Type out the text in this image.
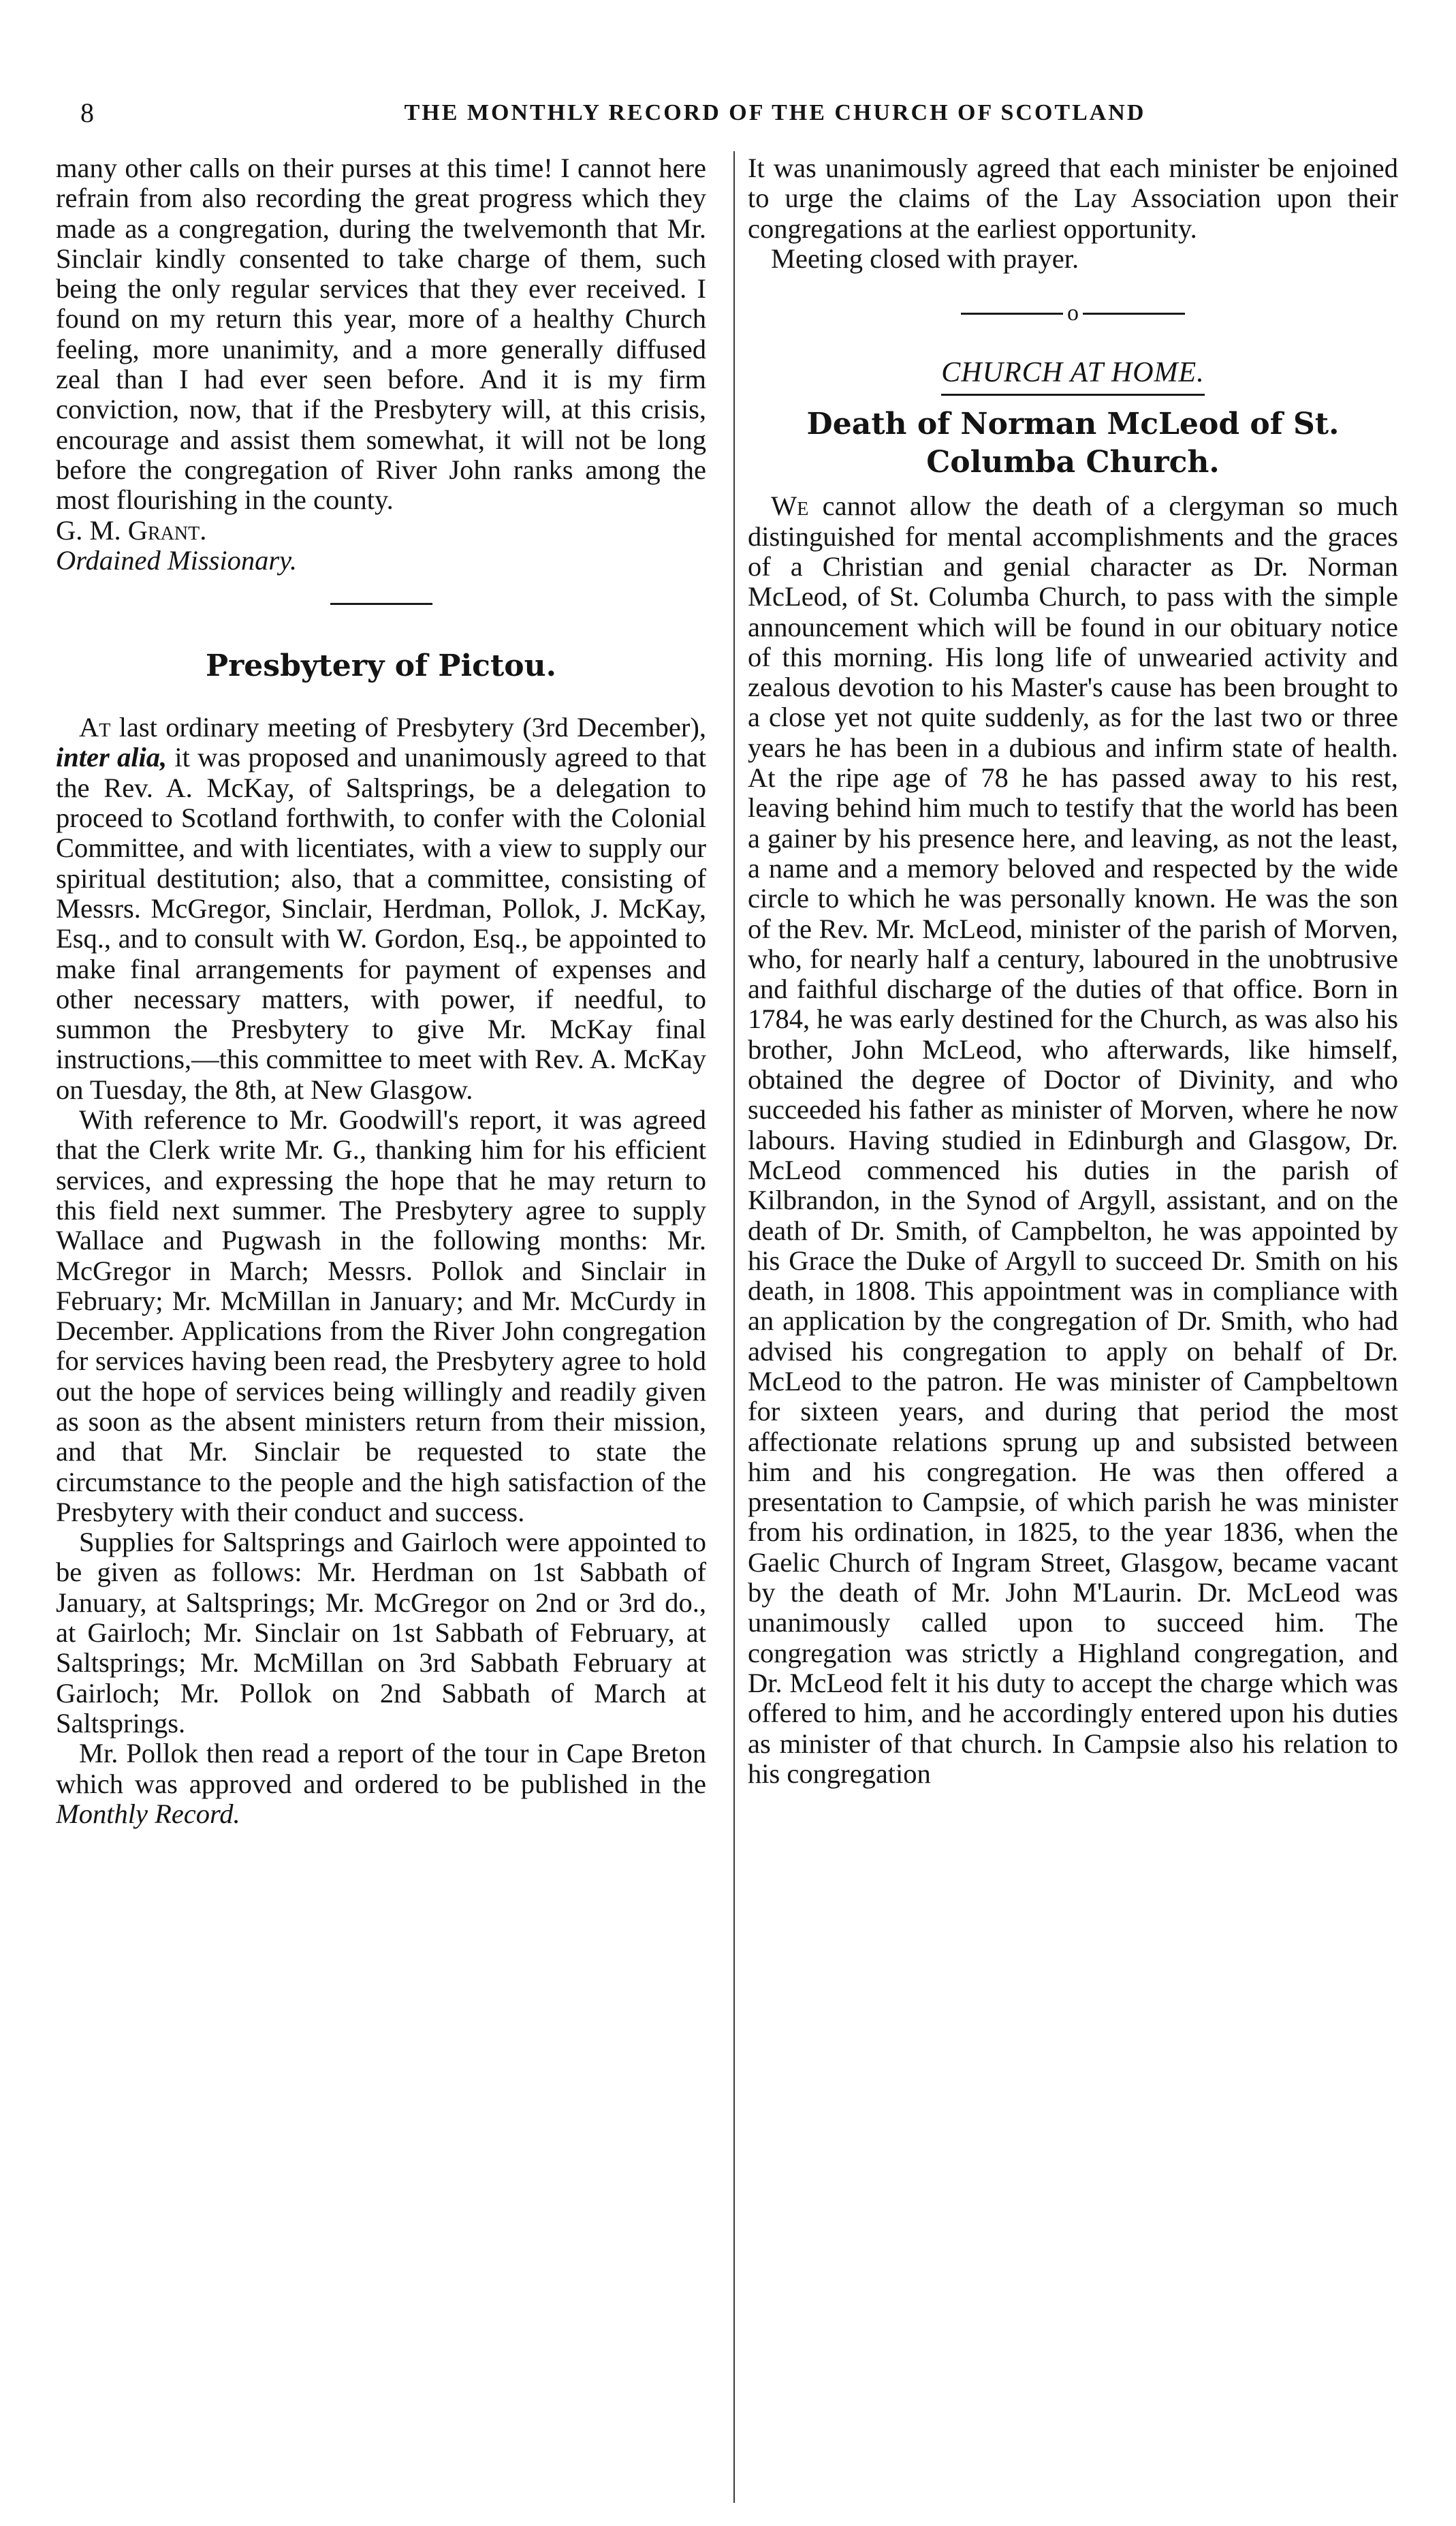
8	THE MONTHLY RECORD OF THE CHURCH OF SCOTLAND

many other calls on their purses at this time! I cannot here refrain from also recording the great progress which they made as a congregation, during the twelvemonth that Mr. Sinclair kindly consented to take charge of them, such being the only regular services that they ever received. I found on my return this year, more of a healthy Church feeling, more unanimity, and a more generally diffused zeal than I had ever seen before. And it is my firm conviction, now, that if the Presbytery will, at this crisis, encourage and assist them somewhat, it will not be long before the congregation of River John ranks among the most flourishing in the county.

G. M. Grant.

Ordained Missionary.

Presbytery of Pictou.

At last ordinary meeting of Presbytery (3rd December), inter alia, it was proposed and unanimously agreed to that the Rev. A. McKay, of Saltsprings, be a delegation to proceed to Scotland forthwith, to confer with the Colonial Committee, and with licentiates, with a view to supply our spiritual destitution; also, that a committee, consisting of Messrs. McGregor, Sinclair, Herdman, Pollok, J. McKay, Esq., and to consult with W. Gordon, Esq., be appointed to make final arrangements for payment of expenses and other necessary matters, with power, if needful, to summon the Presbytery to give Mr. McKay final instructions,—this committee to meet with Rev. A. McKay on Tuesday, the 8th, at New Glasgow.

With reference to Mr. Goodwill's report, it was agreed that the Clerk write Mr. G., thanking him for his efficient services, and expressing the hope that he may return to this field next summer. The Presbytery agree to supply Wallace and Pugwash in the following months: Mr. McGregor in March; Messrs. Pollok and Sinclair in February; Mr. McMillan in January; and Mr. McCurdy in December. Applications from the River John congregation for services having been read, the Presbytery agree to hold out the hope of services being willingly and readily given as soon as the absent ministers return from their mission, and that Mr. Sinclair be requested to state the circumstance to the people and the high satisfaction of the Presbytery with their conduct and success.

Supplies for Saltsprings and Gairloch were appointed to be given as follows: Mr. Herdman on 1st Sabbath of January, at Saltsprings; Mr. McGregor on 2nd or 3rd do., at Gairloch; Mr. Sinclair on 1st Sabbath of February, at Saltsprings; Mr. McMillan on 3rd Sabbath February at Gairloch; Mr. Pollok on 2nd Sabbath of March at Saltsprings.

Mr. Pollok then read a report of the tour in Cape Breton which was approved and ordered to be published in the Monthly Record.

It was unanimously agreed that each minister be enjoined to urge the claims of the Lay Association upon their congregations at the earliest opportunity.

Meeting closed with prayer.

o
CHURCH AT HOME.
Death of Norman McLeod of St. Columba Church.

We cannot allow the death of a clergyman so much distinguished for mental accomplishments and the graces of a Christian and genial character as Dr. Norman McLeod, of St. Columba Church, to pass with the simple announcement which will be found in our obituary notice of this morning. His long life of unwearied activity and zealous devotion to his Master's cause has been brought to a close yet not quite suddenly, as for the last two or three years he has been in a dubious and infirm state of health. At the ripe age of 78 he has passed away to his rest, leaving behind him much to testify that the world has been a gainer by his presence here, and leaving, as not the least, a name and a memory beloved and respected by the wide circle to which he was personally known. He was the son of the Rev. Mr. McLeod, minister of the parish of Morven, who, for nearly half a century, laboured in the unobtrusive and faithful discharge of the duties of that office. Born in 1784, he was early destined for the Church, as was also his brother, John McLeod, who afterwards, like himself, obtained the degree of Doctor of Divinity, and who succeeded his father as minister of Morven, where he now labours. Having studied in Edinburgh and Glasgow, Dr. McLeod commenced his duties in the parish of Kilbrandon, in the Synod of Argyll, assistant, and on the death of Dr. Smith, of Campbelton, he was appointed by his Grace the Duke of Argyll to succeed Dr. Smith on his death, in 1808. This appointment was in compliance with an application by the congregation of Dr. Smith, who had advised his congregation to apply on behalf of Dr. McLeod to the patron. He was minister of Campbeltown for sixteen years, and during that period the most affectionate relations sprung up and subsisted between him and his congregation. He was then offered a presentation to Campsie, of which parish he was minister from his ordination, in 1825, to the year 1836, when the Gaelic Church of Ingram Street, Glasgow, became vacant by the death of Mr. John M'Laurin. Dr. McLeod was unanimously called upon to succeed him. The congregation was strictly a Highland congregation, and Dr. McLeod felt it his duty to accept the charge which was offered to him, and he accordingly entered upon his duties as minister of that church. In Campsie also his relation to his congregation
